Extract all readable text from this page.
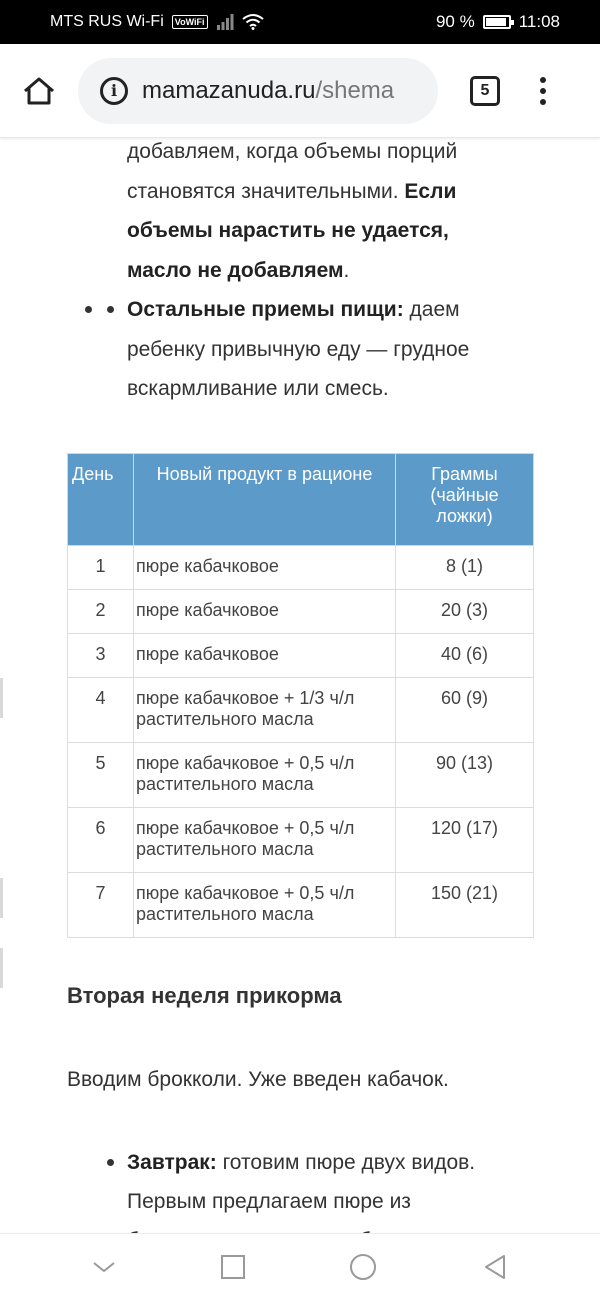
MTS RUS Wi-Fi	VoWiFi	90 %	11:08
i	mamazanuda.ru/shema	5
добавляем, когда объемы порций
становятся значительными. Если
объемы нарастить не удается,
масло не добавляем.
Остальные приемы пищи: даем
ребенку привычную еду — грудное
вскармливание или смесь.
День	Новый продукт в рационе	Граммы (чайные ложки)
1	пюре кабачковое	8 (1)
2	пюре кабачковое	20 (3)
3	пюре кабачковое	40 (6)
4	пюре кабачковое + 1/3 ч/л растительного масла	60 (9)
5	пюре кабачковое + 0,5 ч/л растительного масла	90 (13)
6	пюре кабачковое + 0,5 ч/л растительного масла	120 (17)
7	пюре кабачковое + 0,5 ч/л растительного масла	150 (21)
Вторая неделя прикорма
Вводим брокколи. Уже введен кабачок.
Завтрак: готовим пюре двух видов.
Первым предлагаем пюре из
